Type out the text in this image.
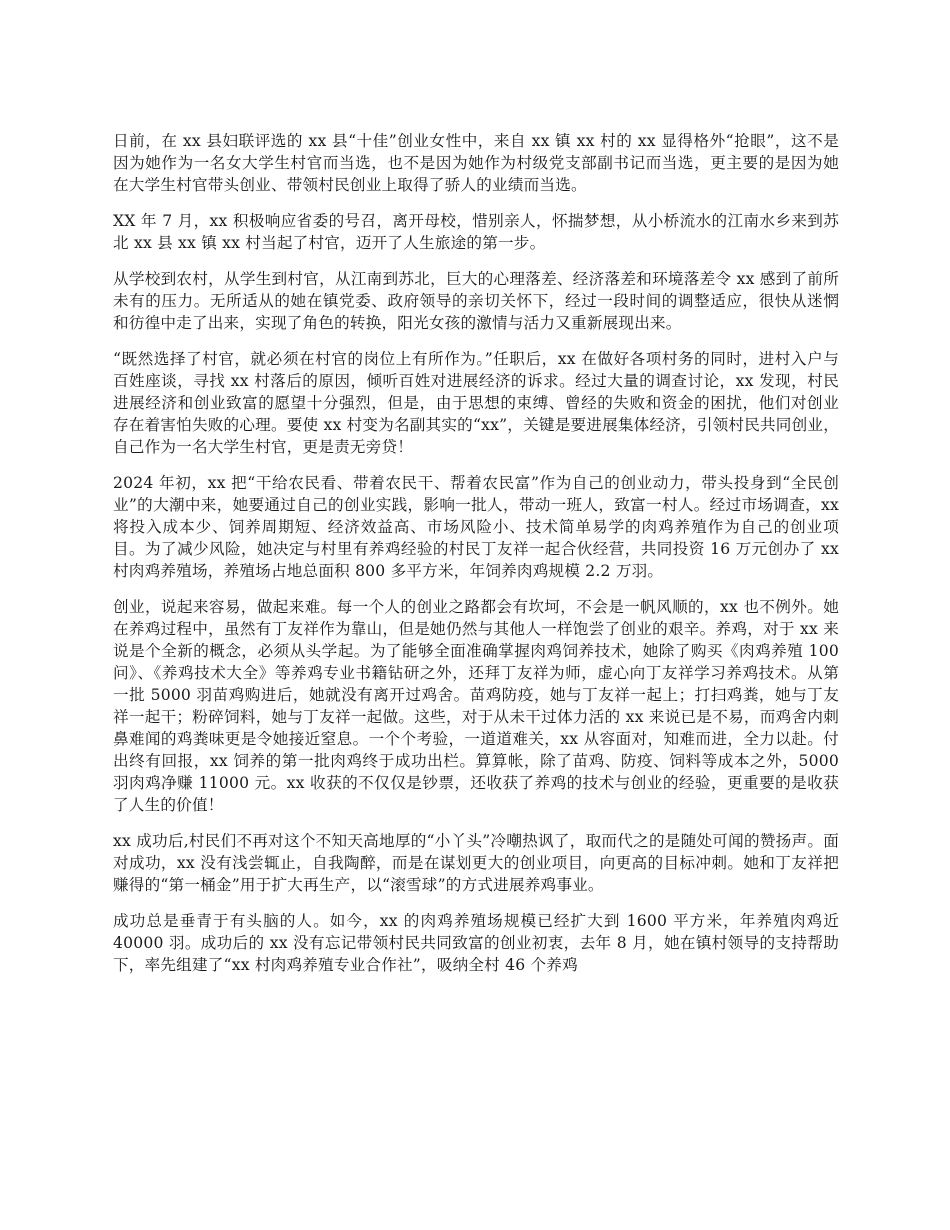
日前，在 xx 县妇联评选的 xx 县“十佳”创业女性中，来自 xx 镇 xx 村的 xx 显得格外“抢眼”，这不是因为她作为一名女大学生村官而当选，也不是因为她作为村级党支部副书记而当选，更主要的是因为她在大学生村官带头创业、带领村民创业上取得了骄人的业绩而当选。

XX 年 7 月，xx 积极响应省委的号召，离开母校，惜别亲人，怀揣梦想，从小桥流水的江南水乡来到苏北 xx 县 xx 镇 xx 村当起了村官，迈开了人生旅途的第一步。

从学校到农村，从学生到村官，从江南到苏北，巨大的心理落差、经济落差和环境落差令 xx 感到了前所未有的压力。无所适从的她在镇党委、政府领导的亲切关怀下，经过一段时间的调整适应，很快从迷惘和彷徨中走了出来，实现了角色的转换，阳光女孩的激情与活力又重新展现出来。

“既然选择了村官，就必须在村官的岗位上有所作为。”任职后，xx 在做好各项村务的同时，进村入户与百姓座谈，寻找 xx 村落后的原因，倾听百姓对进展经济的诉求。经过大量的调查讨论，xx 发现，村民进展经济和创业致富的愿望十分强烈，但是，由于思想的束缚、曾经的失败和资金的困扰，他们对创业存在着害怕失败的心理。要使 xx 村变为名副其实的“xx”，关键是要进展集体经济，引领村民共同创业，自己作为一名大学生村官，更是责无旁贷！

2024 年初，xx 把“干给农民看、带着农民干、帮着农民富”作为自己的创业动力，带头投身到“全民创业”的大潮中来，她要通过自己的创业实践，影响一批人，带动一班人，致富一村人。经过市场调查，xx 将投入成本少、饲养周期短、经济效益高、市场风险小、技术简单易学的肉鸡养殖作为自己的创业项目。为了减少风险，她决定与村里有养鸡经验的村民丁友祥一起合伙经营，共同投资 16 万元创办了 xx 村肉鸡养殖场，养殖场占地总面积 800 多平方米，年饲养肉鸡规模 2.2 万羽。

创业，说起来容易，做起来难。每一个人的创业之路都会有坎坷，不会是一帆风顺的，xx 也不例外。她在养鸡过程中，虽然有丁友祥作为靠山，但是她仍然与其他人一样饱尝了创业的艰辛。养鸡，对于 xx 来说是个全新的概念，必须从头学起。为了能够全面准确掌握肉鸡饲养技术，她除了购买《肉鸡养殖 100 问》、《养鸡技术大全》等养鸡专业书籍钻研之外，还拜丁友祥为师，虚心向丁友祥学习养鸡技术。从第一批 5000 羽苗鸡购进后，她就没有离开过鸡舍。苗鸡防疫，她与丁友祥一起上；打扫鸡粪，她与丁友祥一起干；粉碎饲料，她与丁友祥一起做。这些，对于从未干过体力活的 xx 来说已是不易，而鸡舍内刺鼻难闻的鸡粪味更是令她接近窒息。一个个考验，一道道难关，xx 从容面对，知难而进，全力以赴。付出终有回报，xx 饲养的第一批肉鸡终于成功出栏。算算帐，除了苗鸡、防疫、饲料等成本之外，5000 羽肉鸡净赚 11000 元。xx 收获的不仅仅是钞票，还收获了养鸡的技术与创业的经验，更重要的是收获了人生的价值！

xx 成功后,村民们不再对这个不知天高地厚的“小丫头”冷嘲热讽了，取而代之的是随处可闻的赞扬声。面对成功，xx 没有浅尝辄止，自我陶醉，而是在谋划更大的创业项目，向更高的目标冲刺。她和丁友祥把赚得的“第一桶金”用于扩大再生产，以“滚雪球”的方式进展养鸡事业。

成功总是垂青于有头脑的人。如今，xx 的肉鸡养殖场规模已经扩大到 1600 平方米，年养殖肉鸡近 40000 羽。成功后的 xx 没有忘记带领村民共同致富的创业初衷，去年 8 月，她在镇村领导的支持帮助下，率先组建了“xx 村肉鸡养殖专业合作社”，吸纳全村 46 个养鸡
